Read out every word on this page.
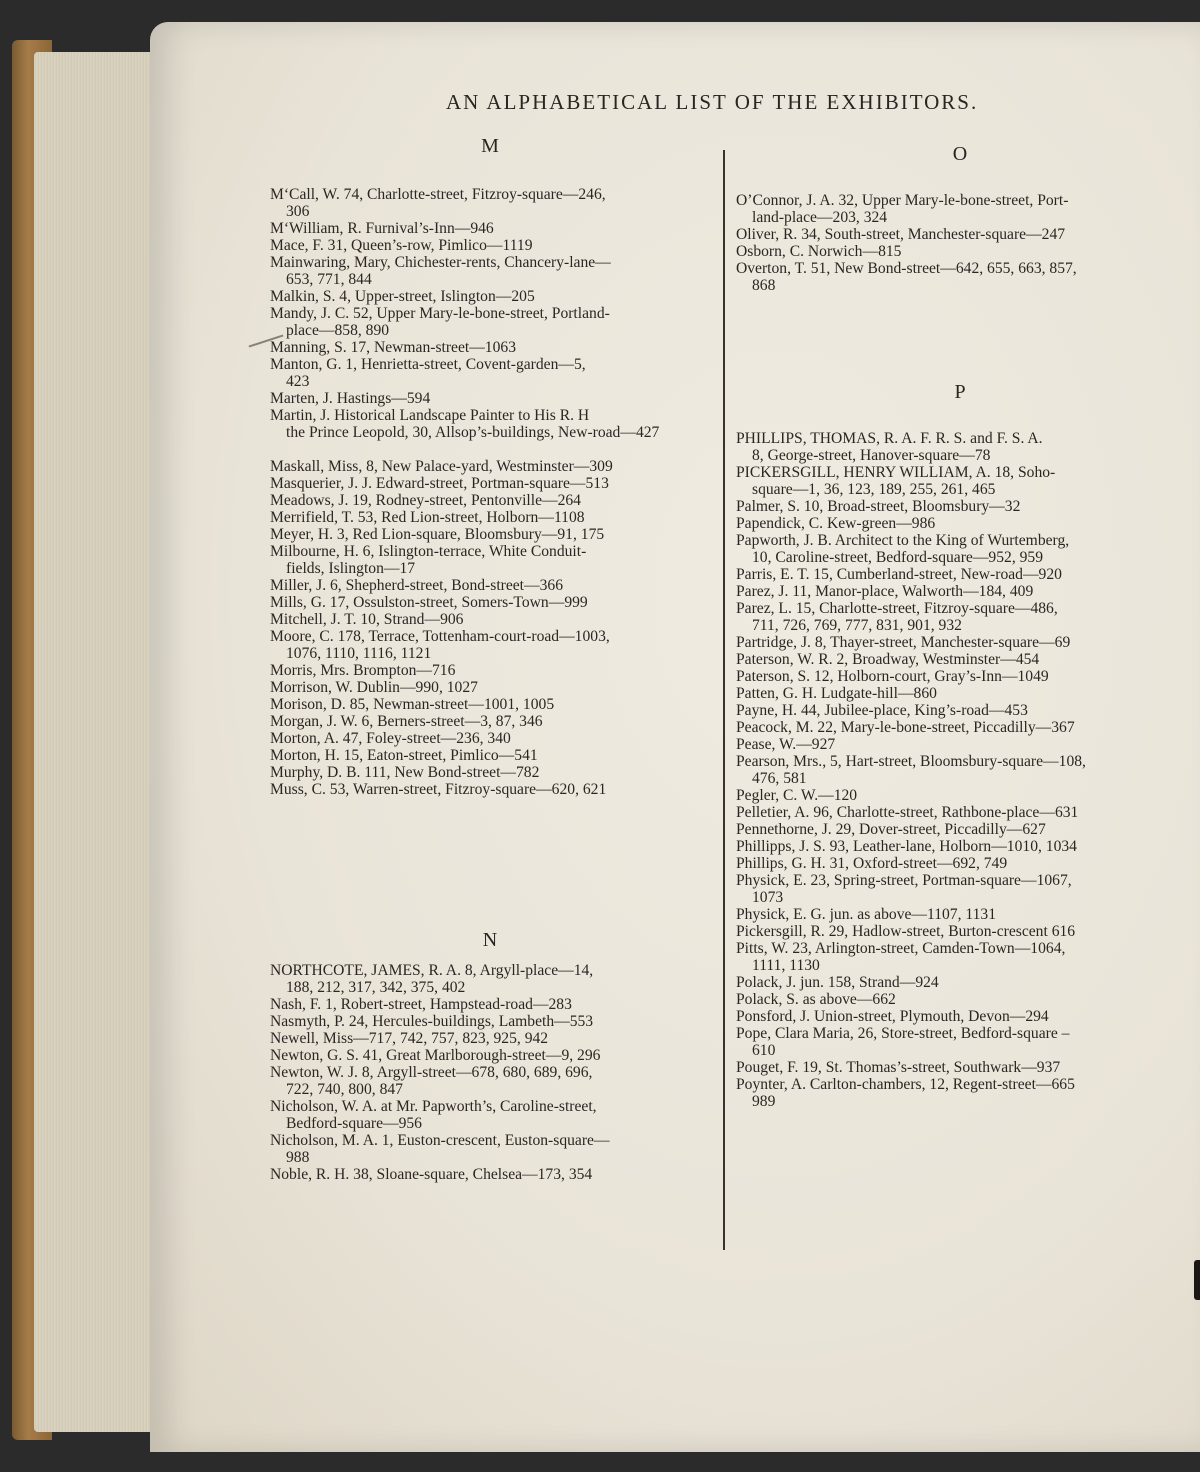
AN ALPHABETICAL LIST OF THE EXHIBITORS.
M
M‘Call, W. 74, Charlotte-street, Fitzroy-square—246,
306
M‘William, R. Furnival’s-Inn—946
Mace, F. 31, Queen’s-row, Pimlico—1119
Mainwaring, Mary, Chichester-rents, Chancery-lane—
653, 771, 844
Malkin, S. 4, Upper-street, Islington—205
Mandy, J. C. 52, Upper Mary-le-bone-street, Portland-
place—858, 890
Manning, S. 17, Newman-street—1063
Manton, G. 1, Henrietta-street, Covent-garden—5,
423
Marten, J. Hastings—594
Martin, J. Historical Landscape Painter to His R. H
the Prince Leopold, 30, Allsop’s-buildings, New-road—427
Maskall, Miss, 8, New Palace-yard, Westminster—309
Masquerier, J. J. Edward-street, Portman-square—513
Meadows, J. 19, Rodney-street, Pentonville—264
Merrifield, T. 53, Red Lion-street, Holborn—1108
Meyer, H. 3, Red Lion-square, Bloomsbury—91, 175
Milbourne, H. 6, Islington-terrace, White Conduit-
fields, Islington—17
Miller, J. 6, Shepherd-street, Bond-street—366
Mills, G. 17, Ossulston-street, Somers-Town—999
Mitchell, J. T. 10, Strand—906
Moore, C. 178, Terrace, Tottenham-court-road—1003,
1076, 1110, 1116, 1121
Morris, Mrs. Brompton—716
Morrison, W. Dublin—990, 1027
Morison, D. 85, Newman-street—1001, 1005
Morgan, J. W. 6, Berners-street—3, 87, 346
Morton, A. 47, Foley-street—236, 340
Morton, H. 15, Eaton-street, Pimlico—541
Murphy, D. B. 111, New Bond-street—782
Muss, C. 53, Warren-street, Fitzroy-square—620, 621
N
NORTHCOTE, JAMES, R. A. 8, Argyll-place—14,
188, 212, 317, 342, 375, 402
Nash, F. 1, Robert-street, Hampstead-road—283
Nasmyth, P. 24, Hercules-buildings, Lambeth—553
Newell, Miss—717, 742, 757, 823, 925, 942
Newton, G. S. 41, Great Marlborough-street—9, 296
Newton, W. J. 8, Argyll-street—678, 680, 689, 696,
722, 740, 800, 847
Nicholson, W. A. at Mr. Papworth’s, Caroline-street,
Bedford-square—956
Nicholson, M. A. 1, Euston-crescent, Euston-square—
988
Noble, R. H. 38, Sloane-square, Chelsea—173, 354
O
O’Connor, J. A. 32, Upper Mary-le-bone-street, Port-
land-place—203, 324
Oliver, R. 34, South-street, Manchester-square—247
Osborn, C. Norwich—815
Overton, T. 51, New Bond-street—642, 655, 663, 857,
868
P
PHILLIPS, THOMAS, R. A. F. R. S. and F. S. A.
8, George-street, Hanover-square—78
PICKERSGILL, HENRY WILLIAM, A. 18, Soho-
square—1, 36, 123, 189, 255, 261, 465
Palmer, S. 10, Broad-street, Bloomsbury—32
Papendick, C. Kew-green—986
Papworth, J. B. Architect to the King of Wurtemberg,
10, Caroline-street, Bedford-square—952, 959
Parris, E. T. 15, Cumberland-street, New-road—920
Parez, J. 11, Manor-place, Walworth—184, 409
Parez, L. 15, Charlotte-street, Fitzroy-square—486,
711, 726, 769, 777, 831, 901, 932
Partridge, J. 8, Thayer-street, Manchester-square—69
Paterson, W. R. 2, Broadway, Westminster—454
Paterson, S. 12, Holborn-court, Gray’s-Inn—1049
Patten, G. H. Ludgate-hill—860
Payne, H. 44, Jubilee-place, King’s-road—453
Peacock, M. 22, Mary-le-bone-street, Piccadilly—367
Pease, W.—927
Pearson, Mrs., 5, Hart-street, Bloomsbury-square—108,
476, 581
Pegler, C. W.—120
Pelletier, A. 96, Charlotte-street, Rathbone-place—631
Pennethorne, J. 29, Dover-street, Piccadilly—627
Phillipps, J. S. 93, Leather-lane, Holborn—1010, 1034
Phillips, G. H. 31, Oxford-street—692, 749
Physick, E. 23, Spring-street, Portman-square—1067,
1073
Physick, E. G. jun. as above—1107, 1131
Pickersgill, R. 29, Hadlow-street, Burton-crescent 616
Pitts, W. 23, Arlington-street, Camden-Town—1064,
1111, 1130
Polack, J. jun. 158, Strand—924
Polack, S. as above—662
Ponsford, J. Union-street, Plymouth, Devon—294
Pope, Clara Maria, 26, Store-street, Bedford-square –
610
Pouget, F. 19, St. Thomas’s-street, Southwark—937
Poynter, A. Carlton-chambers, 12, Regent-street—665
989
